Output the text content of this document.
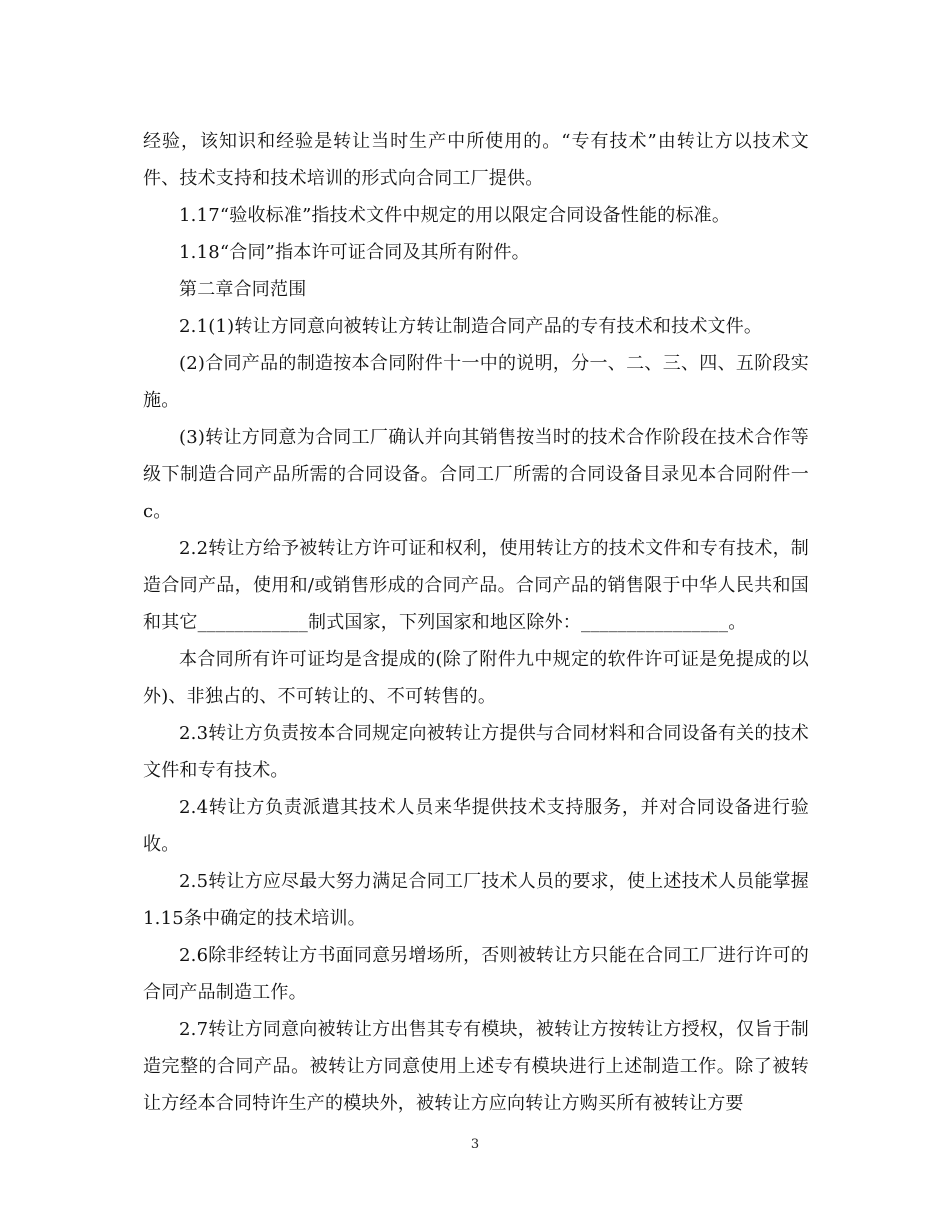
经验，该知识和经验是转让当时生产中所使用的。“专有技术”由转让方以技术文件、技术支持和技术培训的形式向合同工厂提供。

1.17“验收标准”指技术文件中规定的用以限定合同设备性能的标准。

1.18“合同”指本许可证合同及其所有附件。

第二章合同范围

2.1(1)转让方同意向被转让方转让制造合同产品的专有技术和技术文件。

(2)合同产品的制造按本合同附件十一中的说明，分一、二、三、四、五阶段实施。

(3)转让方同意为合同工厂确认并向其销售按当时的技术合作阶段在技术合作等级下制造合同产品所需的合同设备。合同工厂所需的合同设备目录见本合同附件一c。

2.2转让方给予被转让方许可证和权利，使用转让方的技术文件和专有技术，制造合同产品，使用和/或销售形成的合同产品。合同产品的销售限于中华人民共和国和其它____________制式国家，下列国家和地区除外：________________。

本合同所有许可证均是含提成的(除了附件九中规定的软件许可证是免提成的以外)、非独占的、不可转让的、不可转售的。

2.3转让方负责按本合同规定向被转让方提供与合同材料和合同设备有关的技术文件和专有技术。

2.4转让方负责派遣其技术人员来华提供技术支持服务，并对合同设备进行验收。

2.5转让方应尽最大努力满足合同工厂技术人员的要求，使上述技术人员能掌握1.15条中确定的技术培训。

2.6除非经转让方书面同意另增场所，否则被转让方只能在合同工厂进行许可的合同产品制造工作。

2.7转让方同意向被转让方出售其专有模块，被转让方按转让方授权，仅旨于制造完整的合同产品。被转让方同意使用上述专有模块进行上述制造工作。除了被转让方经本合同特许生产的模块外，被转让方应向转让方购买所有被转让方要

3
